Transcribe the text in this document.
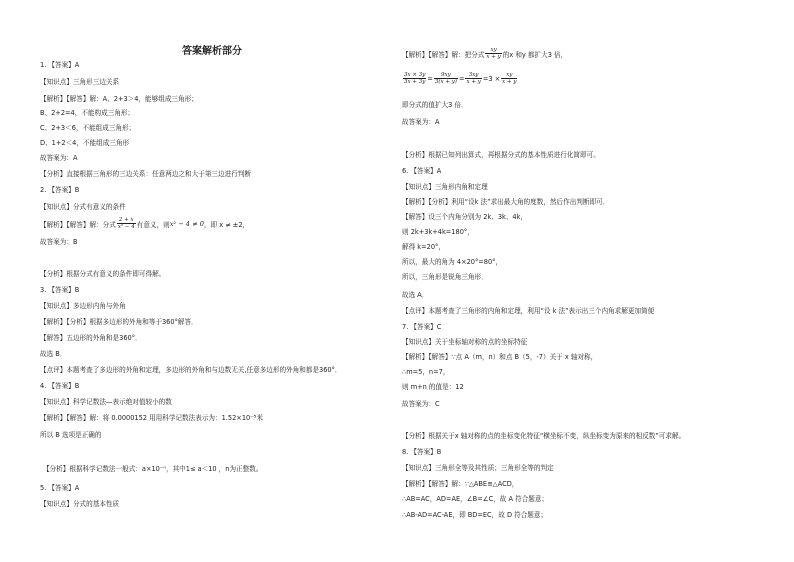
答案解析部分
1. 【答案】A
【知识点】三角形三边关系
【解析】【解答】解：A、2+3＞4，能够组成三角形；
B、2+2=4，不能构成三角形；
C、2+3＜6，不能组成三角形；
D、1+2＜4，不能组成三角形
故答案为：A
【分析】直接根据三角形的三边关系：任意两边之和大于第三边进行判断
2. 【答案】B
【知识点】分式有意义的条件
【解析】【解答】解：分式 $\frac{2 + x}{\text{x² − 4}}$ 有意义，则 x² − 4 ≠ 0 ，即 x ≠ ±2，
故答案为：B
【分析】根据分式有意义的条件即可得解。
3. 【答案】B
【知识点】多边形内角与外角
【解析】【分析】根据多边形的外角和等于360°解答．
【解答】五边形的外角和是360°．
故选 B．
【点评】本题考查了多边形的外角和定理，多边形的外角和与边数无关,任意多边形的外角和都是360°．
4. 【答案】B
【知识点】科学记数法—表示绝对值较小的数
【解析】【解答】解：将 0.0000152 用用科学记数法表示为：1.52×10⁻⁵米
所以 B 选项是正确的
【分析】根据科学记数法一般式：a×10⁻ⁿ，其中1≤ a＜10 ，n为正整数。
5. 【答案】A
【知识点】分式的基本性质
【解析】【解答】解：把分式 $\frac{xy}{x + y}$ 的x 和y 都扩大3 倍，
$\frac{3x \times 3y}{3x + 3y} = \frac{9xy}{3(x + y)} = \frac{3xy}{x + y} =3 \times \frac{xy}{x + y}$
即分式的值扩大3 倍．
故答案为：A
【分析】根据已知列出算式，再根据分式的基本性质进行化简即可。
6. 【答案】A
【知识点】三角形内角和定理
【解析】【分析】利用“设k 法”求出最大角的度数，然后作出判断即可．
【解答】设三个内角分别为 2k、3k、4k，
则 2k+3k+4k=180°，
解得 k=20°，
所以，最大的角为 4×20°=80°，
所以，三角形是锐角三角形．
故选 A．
【点评】本题考查了三角形的内角和定理，利用“设 k 法”表示出三个内角求解更加简便
7. 【答案】C
【知识点】关于坐标轴对称的点的坐标特征
【解析】【解答】∵点 A（m，n）和点 B（5，-7）关于 x 轴对称，
∴m=5，n=7，
则 m+n 的值是：12
故答案为：C
【分析】根据关于x 轴对称的点的坐标变化特征“横坐标不变，纵坐标变为原来的相反数”可求解。
8. 【答案】B
【知识点】三角形全等及其性质；三角形全等的判定
【解析】【解答】解：∵△ABE≌△ACD，
∴AB=AC，AD=AE，∠B=∠C，故 A 符合题意；
∴AB-AD=AC-AE，即 BD=EC，故 D 符合题意；
